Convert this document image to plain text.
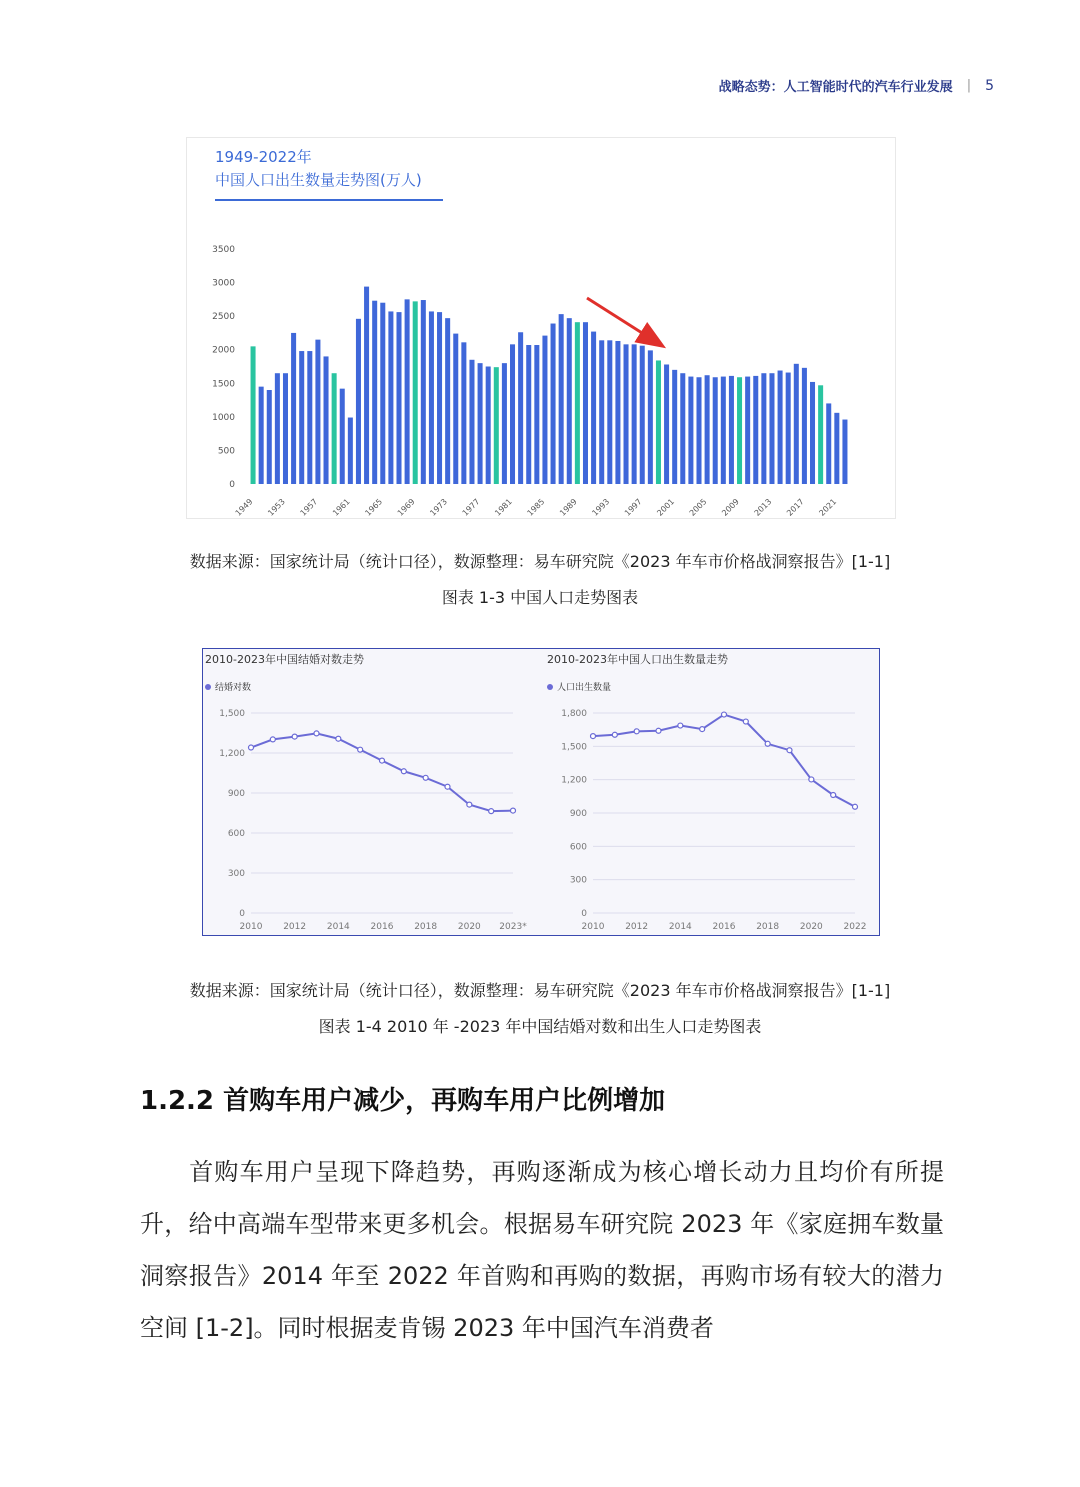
战略态势：人工智能时代的汽车行业发展 | 5
1949-2022年
中国人口出生数量走势图(万人)
0
500
1000
1500
2000
2500
3000
3500
1949 1953 1957 1961 1965 1969 1973 1977 1981 1985 1989 1993 1997 2001 2005 2009 2013 2017 2021
数据来源：国家统计局（统计口径），数源整理：易车研究院《2023 年车市价格战洞察报告》[1-1]
图表 1-3 中国人口走势图表
2010-2023年中国结婚对数走势
结婚对数
0
300
600
900
1,200
1,500
2010 2012 2014 2016 2018 2020 2023*
2010-2023年中国人口出生数量走势
人口出生数量
0
300
600
900
1,200
1,500
1,800
2010 2012 2014 2016 2018 2020 2022
数据来源：国家统计局（统计口径），数源整理：易车研究院《2023 年车市价格战洞察报告》[1-1]
图表 1-4 2010 年 -2023 年中国结婚对数和出生人口走势图表
1.2.2 首购车用户减少，再购车用户比例增加
首购车用户呈现下降趋势，再购逐渐成为核心增长动力且均价有所提升，给中高端车型带来更多机会。根据易车研究院 2023 年《家庭拥车数量洞察报告》2014 年至 2022 年首购和再购的数据，再购市场有较大的潜力空间 [1-2]。同时根据麦肯锡 2023 年中国汽车消费者
